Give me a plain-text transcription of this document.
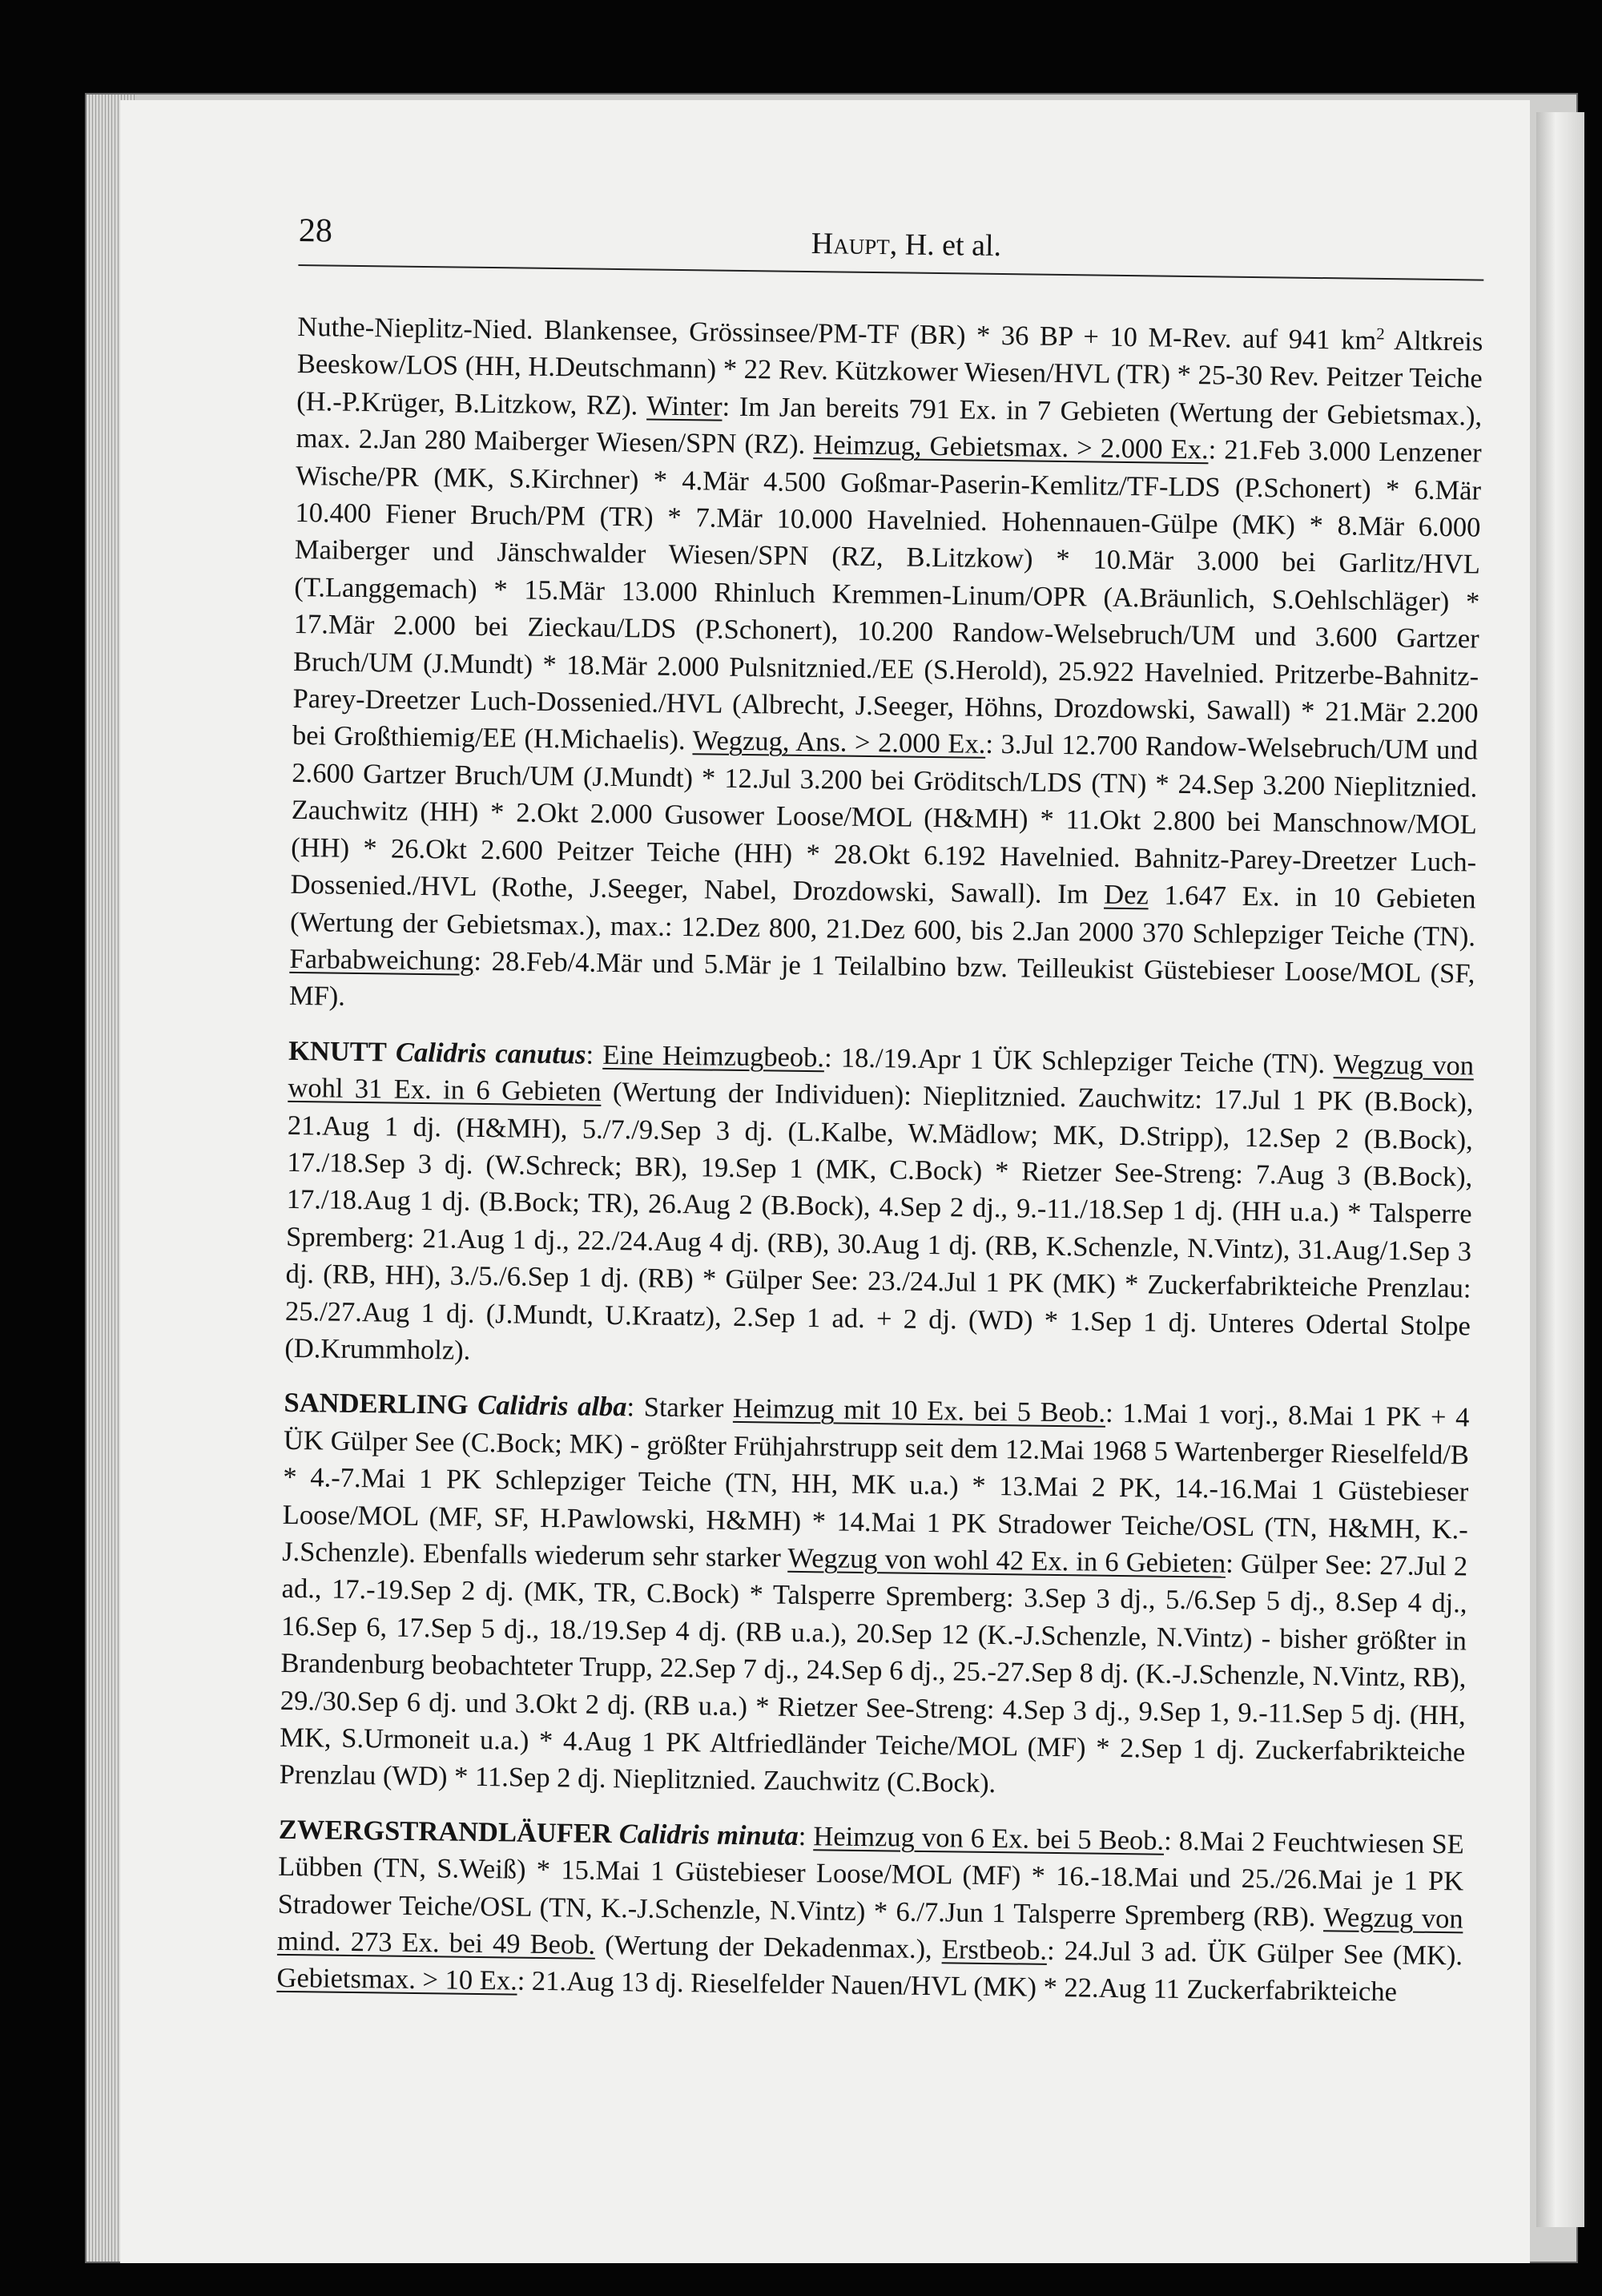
28	Haupt, H. et al.

Nuthe-Nieplitz-Nied. Blankensee, Grössinsee/PM-TF (BR) * 36 BP + 10 M-Rev. auf 941 $km^2$ Altkreis Beeskow/LOS (HH, H.Deutschmann) * 22 Rev. Kützkower Wiesen/HVL (TR) * 25-30 Rev. Peitzer Teiche (H.-P.Krüger, B.Litzkow, RZ). Winter: Im Jan bereits 791 Ex. in 7 Gebieten (Wertung der Gebietsmax.), max. 2.Jan 280 Maiberger Wiesen/SPN (RZ). Heimzug, Gebietsmax. > 2.000 Ex.: 21.Feb 3.000 Lenzener Wische/PR (MK, S.Kirchner) * 4.Mär 4.500 Goßmar-Paserin-Kemlitz/TF-LDS (P.Schonert) * 6.Mär 10.400 Fiener Bruch/PM (TR) * 7.Mär 10.000 Havelnied. Hohennauen-Gülpe (MK) * 8.Mär 6.000 Maiberger und Jänschwalder Wiesen/SPN (RZ, B.Litzkow) * 10.Mär 3.000 bei Garlitz/HVL (T.Langgemach) * 15.Mär 13.000 Rhinluch Kremmen-Linum/OPR (A.Bräunlich, S.Oehlschläger) * 17.Mär 2.000 bei Zieckau/LDS (P.Schonert), 10.200 Randow-Welsebruch/UM und 3.600 Gartzer Bruch/UM (J.Mundt) * 18.Mär 2.000 Pulsnitznied./EE (S.Herold), 25.922 Havelnied. Pritzerbe-Bahnitz-Parey-Dreetzer Luch-Dossenied./HVL (Albrecht, J.Seeger, Höhns, Drozdowski, Sawall) * 21.Mär 2.200 bei Großthiemig/EE (H.Michaelis). Wegzug, Ans. > 2.000 Ex.: 3.Jul 12.700 Randow-Welsebruch/UM und 2.600 Gartzer Bruch/UM (J.Mundt) * 12.Jul 3.200 bei Gröditsch/LDS (TN) * 24.Sep 3.200 Nieplitznied. Zauchwitz (HH) * 2.Okt 2.000 Gusower Loose/MOL (H&MH) * 11.Okt 2.800 bei Manschnow/MOL (HH) * 26.Okt 2.600 Peitzer Teiche (HH) * 28.Okt 6.192 Havelnied. Bahnitz-Parey-Dreetzer Luch-Dossenied./HVL (Rothe, J.Seeger, Nabel, Drozdowski, Sawall). Im Dez 1.647 Ex. in 10 Gebieten (Wertung der Gebietsmax.), max.: 12.Dez 800, 21.Dez 600, bis 2.Jan 2000 370 Schlepziger Teiche (TN). Farbabweichung: 28.Feb/4.Mär und 5.Mär je 1 Teilalbino bzw. Teilleukist Güstebieser Loose/MOL (SF, MF).

KNUTT Calidris canutus: Eine Heimzugbeob.: 18./19.Apr 1 ÜK Schlepziger Teiche (TN). Wegzug von wohl 31 Ex. in 6 Gebieten (Wertung der Individuen): Nieplitznied. Zauchwitz: 17.Jul 1 PK (B.Bock), 21.Aug 1 dj. (H&MH), 5./7./9.Sep 3 dj. (L.Kalbe, W.Mädlow; MK, D.Stripp), 12.Sep 2 (B.Bock), 17./18.Sep 3 dj. (W.Schreck; BR), 19.Sep 1 (MK, C.Bock) * Rietzer See-Streng: 7.Aug 3 (B.Bock), 17./18.Aug 1 dj. (B.Bock; TR), 26.Aug 2 (B.Bock), 4.Sep 2 dj., 9.-11./18.Sep 1 dj. (HH u.a.) * Talsperre Spremberg: 21.Aug 1 dj., 22./24.Aug 4 dj. (RB), 30.Aug 1 dj. (RB, K.Schenzle, N.Vintz), 31.Aug/1.Sep 3 dj. (RB, HH), 3./5./6.Sep 1 dj. (RB) * Gülper See: 23./24.Jul 1 PK (MK) * Zuckerfabrikteiche Prenzlau: 25./27.Aug 1 dj. (J.Mundt, U.Kraatz), 2.Sep 1 ad. + 2 dj. (WD) * 1.Sep 1 dj. Unteres Odertal Stolpe (D.Krummholz).

SANDERLING Calidris alba: Starker Heimzug mit 10 Ex. bei 5 Beob.: 1.Mai 1 vorj., 8.Mai 1 PK + 4 ÜK Gülper See (C.Bock; MK) - größter Frühjahrstrupp seit dem 12.Mai 1968 5 Wartenberger Rieselfeld/B * 4.-7.Mai 1 PK Schlepziger Teiche (TN, HH, MK u.a.) * 13.Mai 2 PK, 14.-16.Mai 1 Güstebieser Loose/MOL (MF, SF, H.Pawlowski, H&MH) * 14.Mai 1 PK Stradower Teiche/OSL (TN, H&MH, K.-J.Schenzle). Ebenfalls wiederum sehr starker Wegzug von wohl 42 Ex. in 6 Gebieten: Gülper See: 27.Jul 2 ad., 17.-19.Sep 2 dj. (MK, TR, C.Bock) * Talsperre Spremberg: 3.Sep 3 dj., 5./6.Sep 5 dj., 8.Sep 4 dj., 16.Sep 6, 17.Sep 5 dj., 18./19.Sep 4 dj. (RB u.a.), 20.Sep 12 (K.-J.Schenzle, N.Vintz) - bisher größter in Brandenburg beobachteter Trupp, 22.Sep 7 dj., 24.Sep 6 dj., 25.-27.Sep 8 dj. (K.-J.Schenzle, N.Vintz, RB), 29./30.Sep 6 dj. und 3.Okt 2 dj. (RB u.a.) * Rietzer See-Streng: 4.Sep 3 dj., 9.Sep 1, 9.-11.Sep 5 dj. (HH, MK, S.Urmoneit u.a.) * 4.Aug 1 PK Altfriedländer Teiche/MOL (MF) * 2.Sep 1 dj. Zuckerfabrikteiche Prenzlau (WD) * 11.Sep 2 dj. Nieplitznied. Zauchwitz (C.Bock).

ZWERGSTRANDLÄUFER Calidris minuta: Heimzug von 6 Ex. bei 5 Beob.: 8.Mai 2 Feuchtwiesen SE Lübben (TN, S.Weiß) * 15.Mai 1 Güstebieser Loose/MOL (MF) * 16.-18.Mai und 25./26.Mai je 1 PK Stradower Teiche/OSL (TN, K.-J.Schenzle, N.Vintz) * 6./7.Jun 1 Talsperre Spremberg (RB). Wegzug von mind. 273 Ex. bei 49 Beob. (Wertung der Dekadenmax.), Erstbeob.: 24.Jul 3 ad. ÜK Gülper See (MK). Gebietsmax. > 10 Ex.: 21.Aug 13 dj. Rieselfelder Nauen/HVL (MK) * 22.Aug 11 Zuckerfabrikteiche
